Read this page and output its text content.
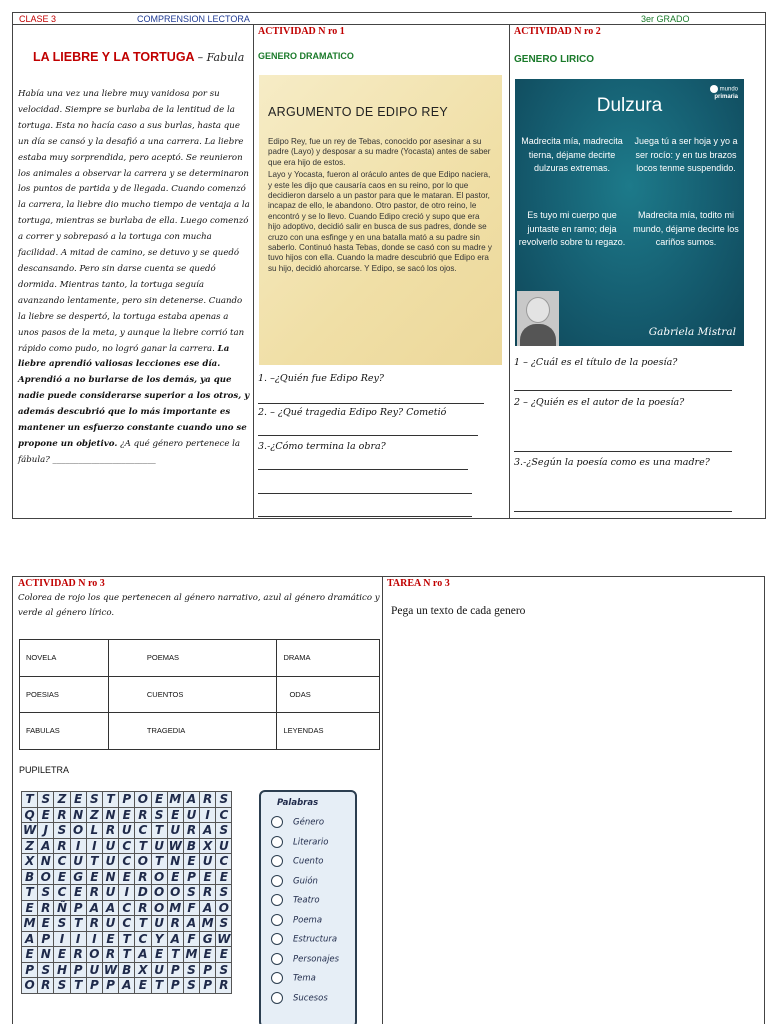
CLASE 3	COMPRENSION LECTORA	3er GRADO
LA LIEBRE Y LA TORTUGA – Fabula
Había una vez una liebre muy vanidosa por su velocidad. Siempre se burlaba de la lentitud de la tortuga. Esta no hacía caso a sus burlas, hasta que un día se cansó y la desafió a una carrera. La liebre estaba muy sorprendida, pero aceptó. Se reunieron los animales a observar la carrera y se determinaron los puntos de partida y de llegada. Cuando comenzó la carrera, la liebre dio mucho tiempo de ventaja a la tortuga, mientras se burlaba de ella. Luego comenzó a correr y sobrepasó a la tortuga con mucha facilidad. A mitad de camino, se detuvo y se quedó descansando. Pero sin darse cuenta se quedó dormida. Mientras tanto, la tortuga seguía avanzando lentamente, pero sin detenerse. Cuando la liebre se despertó, la tortuga estaba apenas a unos pasos de la meta, y aunque la liebre corrió tan rápido como pudo, no logró ganar la carrera. La liebre aprendió valiosas lecciones ese día. Aprendió a no burlarse de los demás, ya que nadie puede considerarse superior a los otros, y además descubrió que lo más importante es mantener un esfuerzo constante cuando uno se propone un objetivo. ¿A qué género pertenece la fábula? ________________________
ACTIVIDAD N ro 1
GENERO DRAMATICO
ARGUMENTO DE EDIPO REY

Edipo Rey, fue un rey de Tebas, conocido por asesinar a su padre (Layo) y desposar a su madre (Yocasta) antes de saber que era hijo de estos.

Layo y Yocasta, fueron al oráculo antes de que Edipo naciera, y este les dijo que causaría caos en su reino, por lo que decidieron darselo a un pastor para que le mataran. El pastor, incapaz de ello, le abandono. Otro pastor, de otro reino, le encontró y se lo llevo. Cuando Edipo creció y supo que era hijo adoptivo, decidió salir en busca de sus padres, donde se cruzo con una esfinge y en una batalla mató a su padre sin saberlo. Continuó hasta Tebas, donde se casó con su madre y tuvo hijos con ella. Cuando la madre descubrió que Edipo era su hijo, decidió ahorcarse. Y Edipo, se sacó los ojos.

1. –¿Quién fue Edipo Rey?
2. – ¿Qué tragedia Edipo Rey? Cometió
3.-¿Cómo termina la obra?
ACTIVIDAD N ro 2
GENERO LIRICO
mundo
primaria
Dulzura
Madrecita mía, madrecita tierna, déjame decirte dulzuras extremas.
Juega tú a ser hoja y yo a ser rocío: y en tus brazos locos tenme suspendido.
Es tuyo mi cuerpo que juntaste en ramo; deja revolverlo sobre tu regazo.
Madrecita mía, todito mi mundo, déjame decirte los cariños sumos.
Gabriela Mistral
1 – ¿Cuál es el título de la poesía?
2 – ¿Quién es el autor de la poesía?
3.-¿Según la poesía como es una madre?
ACTIVIDAD N ro 3
Colorea de rojo los que pertenecen al género narrativo, azul al género dramático y verde al género lírico.
NOVELA	POEMAS	DRAMA
POESIAS	CUENTOS	ODAS
FABULAS	TRAGEDIA	LEYENDAS
PUPILETRA
T	S	Z	E	S	T	P	O	E	M	A	R	S
Q	E	R	N	Z	N	E	R	S	E	U	I	C
W	J	S	O	L	R	U	C	T	U	R	A	S
Z	A	R	I	I	U	C	T	U	W	B	X	U
X	N	C	U	T	U	C	O	T	N	E	U	C
B	O	E	G	E	N	E	R	O	E	P	E	E
T	S	C	E	R	U	I	D	O	O	S	R	S
E	R	Ñ	P	A	A	C	R	O	M	F	A	O
M	E	S	T	R	U	C	T	U	R	A	M	S
A	P	I	I	I	E	T	C	Y	A	F	G	W
E	N	E	R	O	R	T	A	E	T	M	E	E
P	S	H	P	U	W	B	X	U	P	S	P	S
O	R	S	T	P	P	A	E	T	P	S	P	R
Palabras
Género
Literario
Cuento
Guión
Teatro
Poema
Estructura
Personajes
Tema
Sucesos
TAREA N ro 3
Pega un texto de cada genero
